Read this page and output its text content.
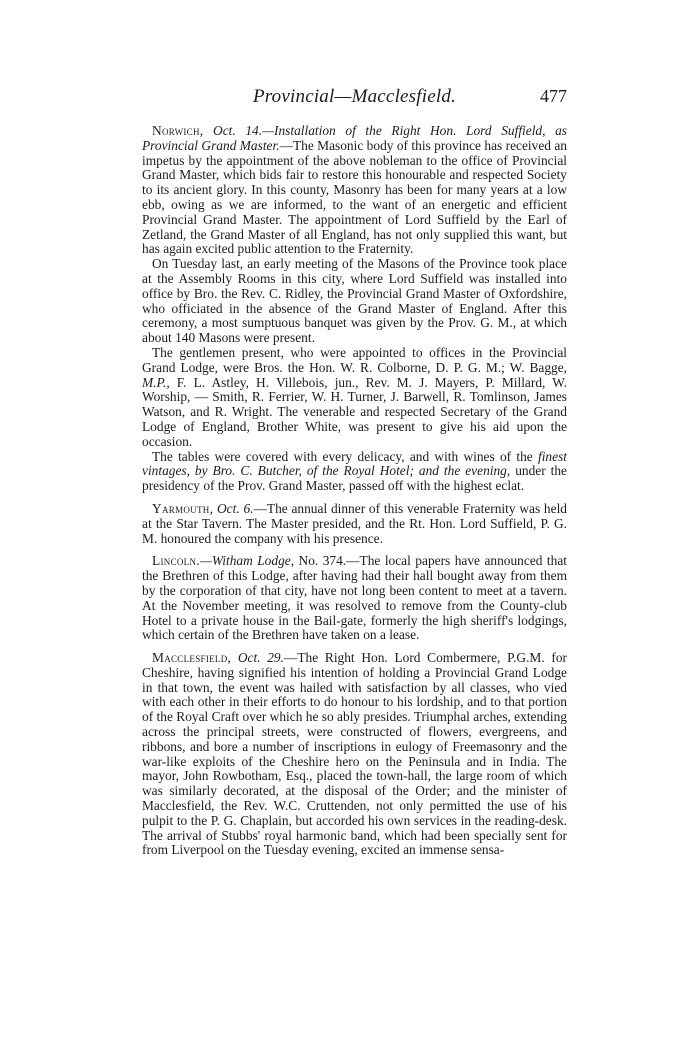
Provincial—Macclesfield.	477

Norwich, Oct. 14.—Installation of the Right Hon. Lord Suffield, as Provincial Grand Master.—The Masonic body of this province has received an impetus by the appointment of the above nobleman to the office of Provincial Grand Master, which bids fair to restore this honourable and respected Society to its ancient glory. In this county, Masonry has been for many years at a low ebb, owing as we are informed, to the want of an energetic and efficient Provincial Grand Master. The appointment of Lord Suffield by the Earl of Zetland, the Grand Master of all England, has not only supplied this want, but has again excited public attention to the Fraternity.

On Tuesday last, an early meeting of the Masons of the Province took place at the Assembly Rooms in this city, where Lord Suffield was installed into office by Bro. the Rev. C. Ridley, the Provincial Grand Master of Oxfordshire, who officiated in the absence of the Grand Master of England. After this ceremony, a most sumptuous banquet was given by the Prov. G. M., at which about 140 Masons were present.

The gentlemen present, who were appointed to offices in the Provincial Grand Lodge, were Bros. the Hon. W. R. Colborne, D. P. G. M.; W. Bagge, M.P., F. L. Astley, H. Villebois, jun., Rev. M. J. Mayers, P. Millard, W. Worship, — Smith, R. Ferrier, W. H. Turner, J. Barwell, R. Tomlinson, James Watson, and R. Wright. The venerable and respected Secretary of the Grand Lodge of England, Brother White, was present to give his aid upon the occasion.

The tables were covered with every delicacy, and with wines of the finest vintages, by Bro. C. Butcher, of the Royal Hotel; and the evening, under the presidency of the Prov. Grand Master, passed off with the highest eclat.

Yarmouth, Oct. 6.—The annual dinner of this venerable Fraternity was held at the Star Tavern. The Master presided, and the Rt. Hon. Lord Suffield, P. G. M. honoured the company with his presence.

Lincoln.—Witham Lodge, No. 374.—The local papers have announced that the Brethren of this Lodge, after having had their hall bought away from them by the corporation of that city, have not long been content to meet at a tavern. At the November meeting, it was resolved to remove from the County-club Hotel to a private house in the Bail-gate, formerly the high sheriff's lodgings, which certain of the Brethren have taken on a lease.

Macclesfield, Oct. 29.—The Right Hon. Lord Combermere, P.G.M. for Cheshire, having signified his intention of holding a Provincial Grand Lodge in that town, the event was hailed with satisfaction by all classes, who vied with each other in their efforts to do honour to his lordship, and to that portion of the Royal Craft over which he so ably presides. Triumphal arches, extending across the principal streets, were constructed of flowers, evergreens, and ribbons, and bore a number of inscriptions in eulogy of Freemasonry and the war-like exploits of the Cheshire hero on the Peninsula and in India. The mayor, John Rowbotham, Esq., placed the town-hall, the large room of which was similarly decorated, at the disposal of the Order; and the minister of Macclesfield, the Rev. W.C. Cruttenden, not only permitted the use of his pulpit to the P. G. Chaplain, but accorded his own services in the reading-desk. The arrival of Stubbs' royal harmonic band, which had been specially sent for from Liverpool on the Tuesday evening, excited an immense sensa-
